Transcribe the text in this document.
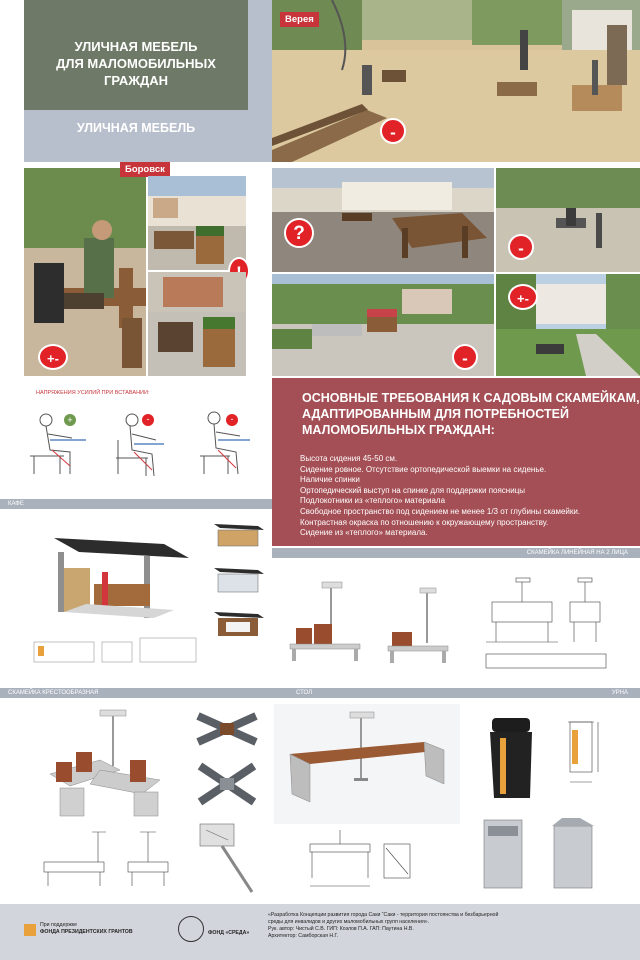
УЛИЧНАЯ МЕБЕЛЬ
ДЛЯ МАЛОМОБИЛЬНЫХ
ГРАЖДАН
УЛИЧНАЯ МЕБЕЛЬ
Верея
-
Боровск
+-
?
-
-
+-
НАПРЯЖЕНИЯ УСИЛИЙ ПРИ ВСТАВАНИИ:
+	-	-
ОСНОВНЫЕ ТРЕБОВАНИЯ К САДОВЫМ СКАМЕЙКАМ,
АДАПТИРОВАННЫМ ДЛЯ ПОТРЕБНОСТЕЙ
МАЛОМОБИЛЬНЫХ ГРАЖДАН:
Высота сидения 45-50 см.
Сидение ровное. Отсутствие ортопедической выемки на сиденье.
Наличие спинки
Ортопедический выступ на спинке для поддержки поясницы
Подлокотники из «теплого» материала
Свободное пространство под сидением не менее 1/3 от глубины скамейки.
Контрастная окраска по отношению к окружающему пространству.
Сидение из «теплого» материала.
КАФЕ
СКАМЕЙКА ЛИНЕЙНАЯ НА 2 ЛИЦА
СКАМЕЙКА КРЕСТООБРАЗНАЯ	СТОЛ	УРНА
При поддержке
ФОНДА ПРЕЗИДЕНТСКИХ ГРАНТОВ	ФОНД «СРЕДА»
«Разработка Концепции развития города Саки “Саки - территория постоянства и безбарьерной
среды для инвалидов и других маломобильных групп населения».
Рук. автор: Чистый С.В. ГИП: Козлов П.А. ГАП: Паутина Н.В.
Архитектор: Самборская Н.Г.
